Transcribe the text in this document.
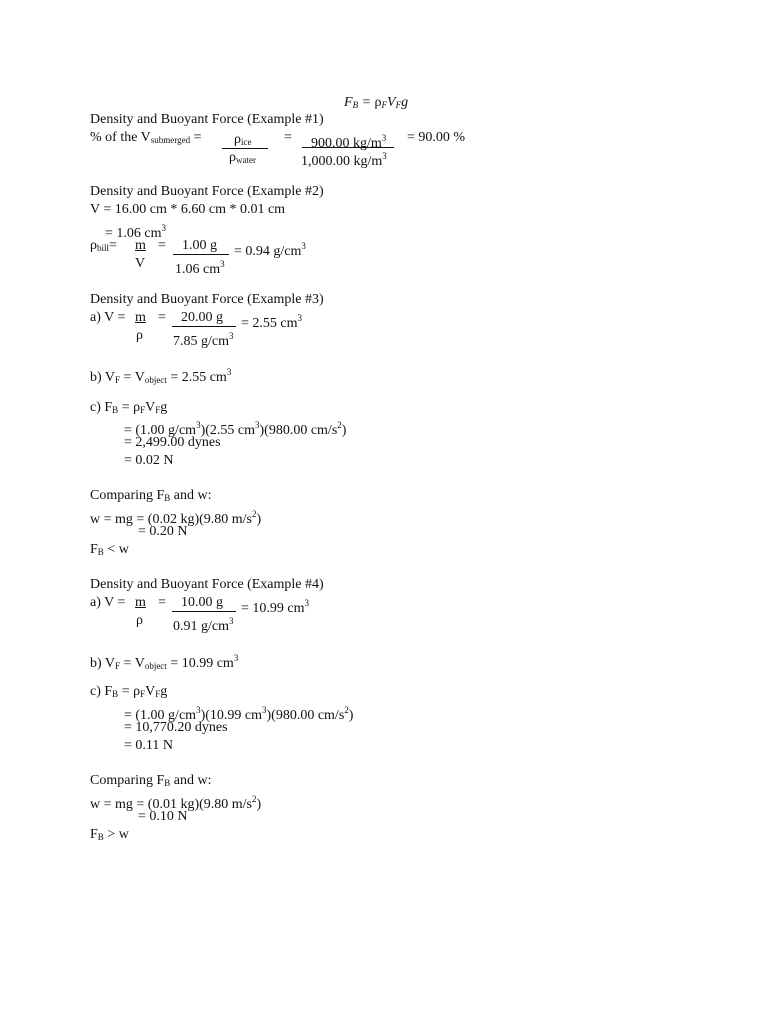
$F_B = \rho_FV_Fg$
Density and Buoyant Force (Example #1)
% of the $V_{submerged} = \rho_{ice}$
$\rho_{water}$
= 900.00 $kg/m^3$
1,000.00 $kg/m^3$
= 90.00 %
Density and Buoyant Force (Example #2)
V = 16.00 cm * 6.60 cm * 0.01 cm
= 1.06 $cm^3$
$\rho_{bill}= m$
V
= 1.00 g
1.06 $cm^3$
= 0.94 $g/cm^3$
Density and Buoyant Force (Example #3)
a) V = m
ρ
= 20.00 g
7.85 $g/cm^3$
= 2.55 $cm^3$
b) $V_F = V_{object} = 2.55$ $cm^3$
c) $F_B = \rho_FV_Fg$
= (1.00 $g/cm^3)(2.55$ $cm^3)(980.00$ $cm/s^2$)
= 2,499.00 dynes
= 0.02 N
Comparing $F_B$ and w:
w = mg = (0.02 kg)(9.80 $m/s^2$)
= 0.20 N
$F_B < w$
Density and Buoyant Force (Example #4)
a) V = m
ρ
= 10.00 g
0.91 $g/cm^3$
= 10.99 $cm^3$
b) $V_F = V_{object} = 10.99$ $cm^3$
c) $F_B = \rho_FV_Fg$
= (1.00 $g/cm^3)(10.99$ $cm^3)(980.00$ $cm/s^2$)
= 10,770.20 dynes
= 0.11 N
Comparing $F_B$ and w:
w = mg = (0.01 kg)(9.80 $m/s^2$)
= 0.10 N
$F_B > w$
